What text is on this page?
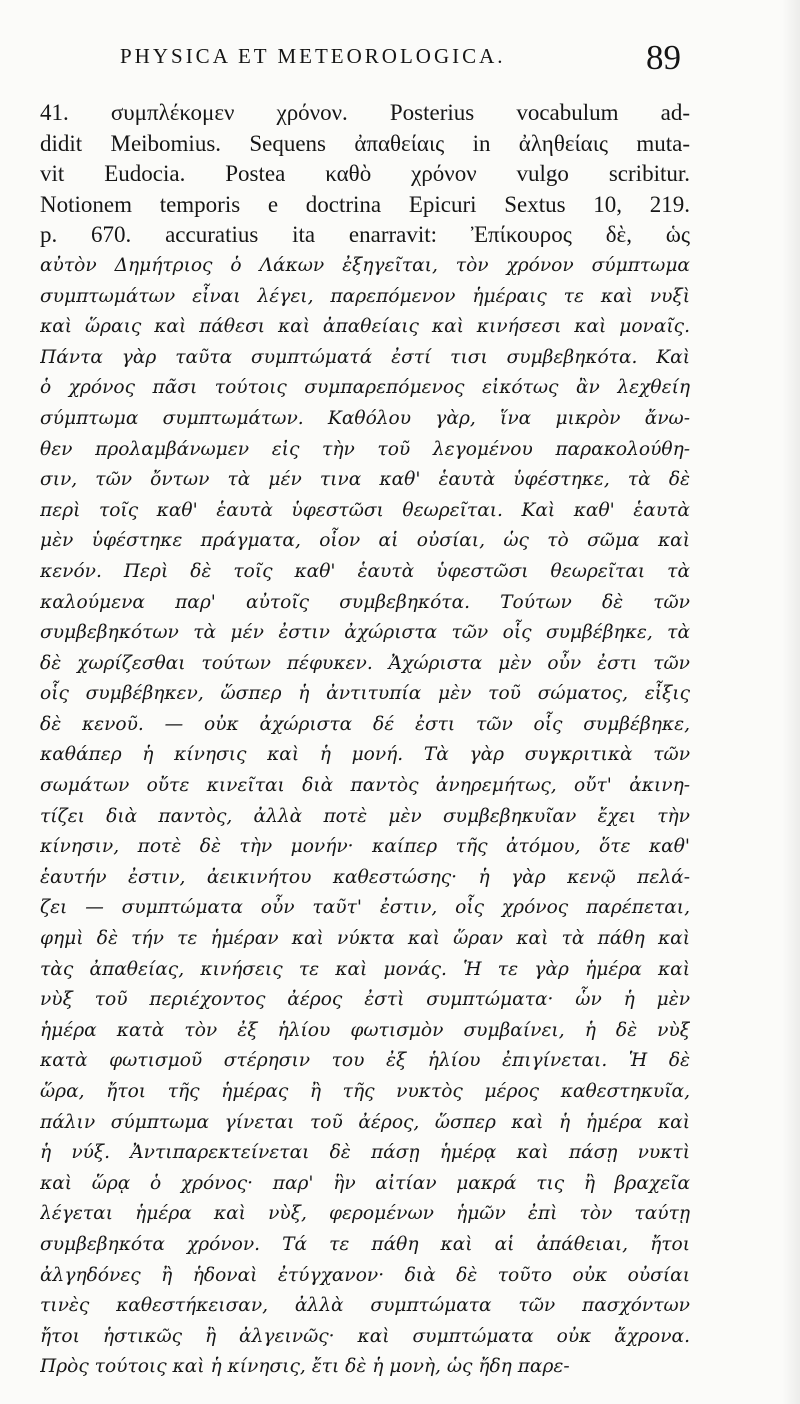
PHYSICA ET METEOROLOGICA.	89
41. συμπλέκομεν χρόνον. Posterius vocabulum ad-
didit Meibomius. Sequens ἀπαθείαις in ἀληθείαις muta-
vit Eudocia. Postea καθὸ χρόνον vulgo scribitur.
Notionem temporis e doctrina Epicuri Sextus 10, 219.
p. 670. accuratius ita enarravit: Ἐπίκουρος δὲ, ὡς
αὐτὸν Δημήτριος ὁ Λάκων ἐξηγεῖται, τὸν χρόνον σύμπτωμα
συμπτωμάτων εἶναι λέγει, παρεπόμενον ἡμέραις τε καὶ νυξὶ
καὶ ὥραις καὶ πάθεσι καὶ ἀπαθείαις καὶ κινήσεσι καὶ μοναῖς.
Πάντα γὰρ ταῦτα συμπτώματά ἐστί τισι συμβεβηκότα. Καὶ
ὁ χρόνος πᾶσι τούτοις συμπαρεπόμενος εἰκότως ἂν λεχθείη
σύμπτωμα συμπτωμάτων. Καθόλου γὰρ, ἵνα μικρὸν ἄνω-
θεν προλαμβάνωμεν εἰς τὴν τοῦ λεγομένου παρακολούθη-
σιν, τῶν ὄντων τὰ μέν τινα καθ' ἑαυτὰ ὑφέστηκε, τὰ δὲ
περὶ τοῖς καθ' ἑαυτὰ ὑφεστῶσι θεωρεῖται. Καὶ καθ' ἑαυτὰ
μὲν ὑφέστηκε πράγματα, οἷον αἱ οὐσίαι, ὡς τὸ σῶμα καὶ
κενόν. Περὶ δὲ τοῖς καθ' ἑαυτὰ ὑφεστῶσι θεωρεῖται τὰ
καλούμενα παρ' αὐτοῖς συμβεβηκότα. Τούτων δὲ τῶν
συμβεβηκότων τὰ μέν ἐστιν ἀχώριστα τῶν οἷς συμβέβηκε, τὰ
δὲ χωρίζεσθαι τούτων πέφυκεν. Ἀχώριστα μὲν οὖν ἐστι τῶν
οἷς συμβέβηκεν, ὥσπερ ἡ ἀντιτυπία μὲν τοῦ σώματος, εἶξις
δὲ κενοῦ. — οὐκ ἀχώριστα δέ ἐστι τῶν οἷς συμβέβηκε,
καθάπερ ἡ κίνησις καὶ ἡ μονή. Τὰ γὰρ συγκριτικὰ τῶν
σωμάτων οὔτε κινεῖται διὰ παντὸς ἀνηρεμήτως, οὔτ' ἀκινη-
τίζει διὰ παντὸς, ἀλλὰ ποτὲ μὲν συμβεβηκυῖαν ἔχει τὴν
κίνησιν, ποτὲ δὲ τὴν μονήν· καίπερ τῆς ἀτόμου, ὅτε καθ'
ἑαυτήν ἐστιν, ἀεικινήτου καθεστώσης· ἡ γὰρ κενῷ πελά-
ζει — συμπτώματα οὖν ταῦτ' ἐστιν, οἷς χρόνος παρέπεται,
φημὶ δὲ τήν τε ἡμέραν καὶ νύκτα καὶ ὥραν καὶ τὰ πάθη καὶ
τὰς ἀπαθείας, κινήσεις τε καὶ μονάς. Ἡ τε γὰρ ἡμέρα καὶ
νὺξ τοῦ περιέχοντος ἀέρος ἐστὶ συμπτώματα· ὧν ἡ μὲν
ἡμέρα κατὰ τὸν ἐξ ἡλίου φωτισμὸν συμβαίνει, ἡ δὲ νὺξ
κατὰ φωτισμοῦ στέρησιν του ἐξ ἡλίου ἐπιγίνεται. Ἡ δὲ
ὥρα, ἤτοι τῆς ἡμέρας ἢ τῆς νυκτὸς μέρος καθεστηκυῖα,
πάλιν σύμπτωμα γίνεται τοῦ ἀέρος, ὥσπερ καὶ ἡ ἡμέρα καὶ
ἡ νύξ. Ἀντιπαρεκτείνεται δὲ πάσῃ ἡμέρᾳ καὶ πάσῃ νυκτὶ
καὶ ὥρᾳ ὁ χρόνος· παρ' ἣν αἰτίαν μακρά τις ἢ βραχεῖα
λέγεται ἡμέρα καὶ νὺξ, φερομένων ἡμῶν ἐπὶ τὸν ταύτῃ
συμβεβηκότα χρόνον. Τά τε πάθη καὶ αἱ ἀπάθειαι, ἤτοι
ἀλγηδόνες ἢ ἡδοναὶ ἐτύγχανον· διὰ δὲ τοῦτο οὐκ οὐσίαι
τινὲς καθεστήκεισαν, ἀλλὰ συμπτώματα τῶν πασχόντων
ἤτοι ἡστικῶς ἢ ἀλγεινῶς· καὶ συμπτώματα οὐκ ἄχρονα.
Πρὸς τούτοις καὶ ἡ κίνησις, ἔτι δὲ ἡ μονὴ, ὡς ἤδη παρε-
